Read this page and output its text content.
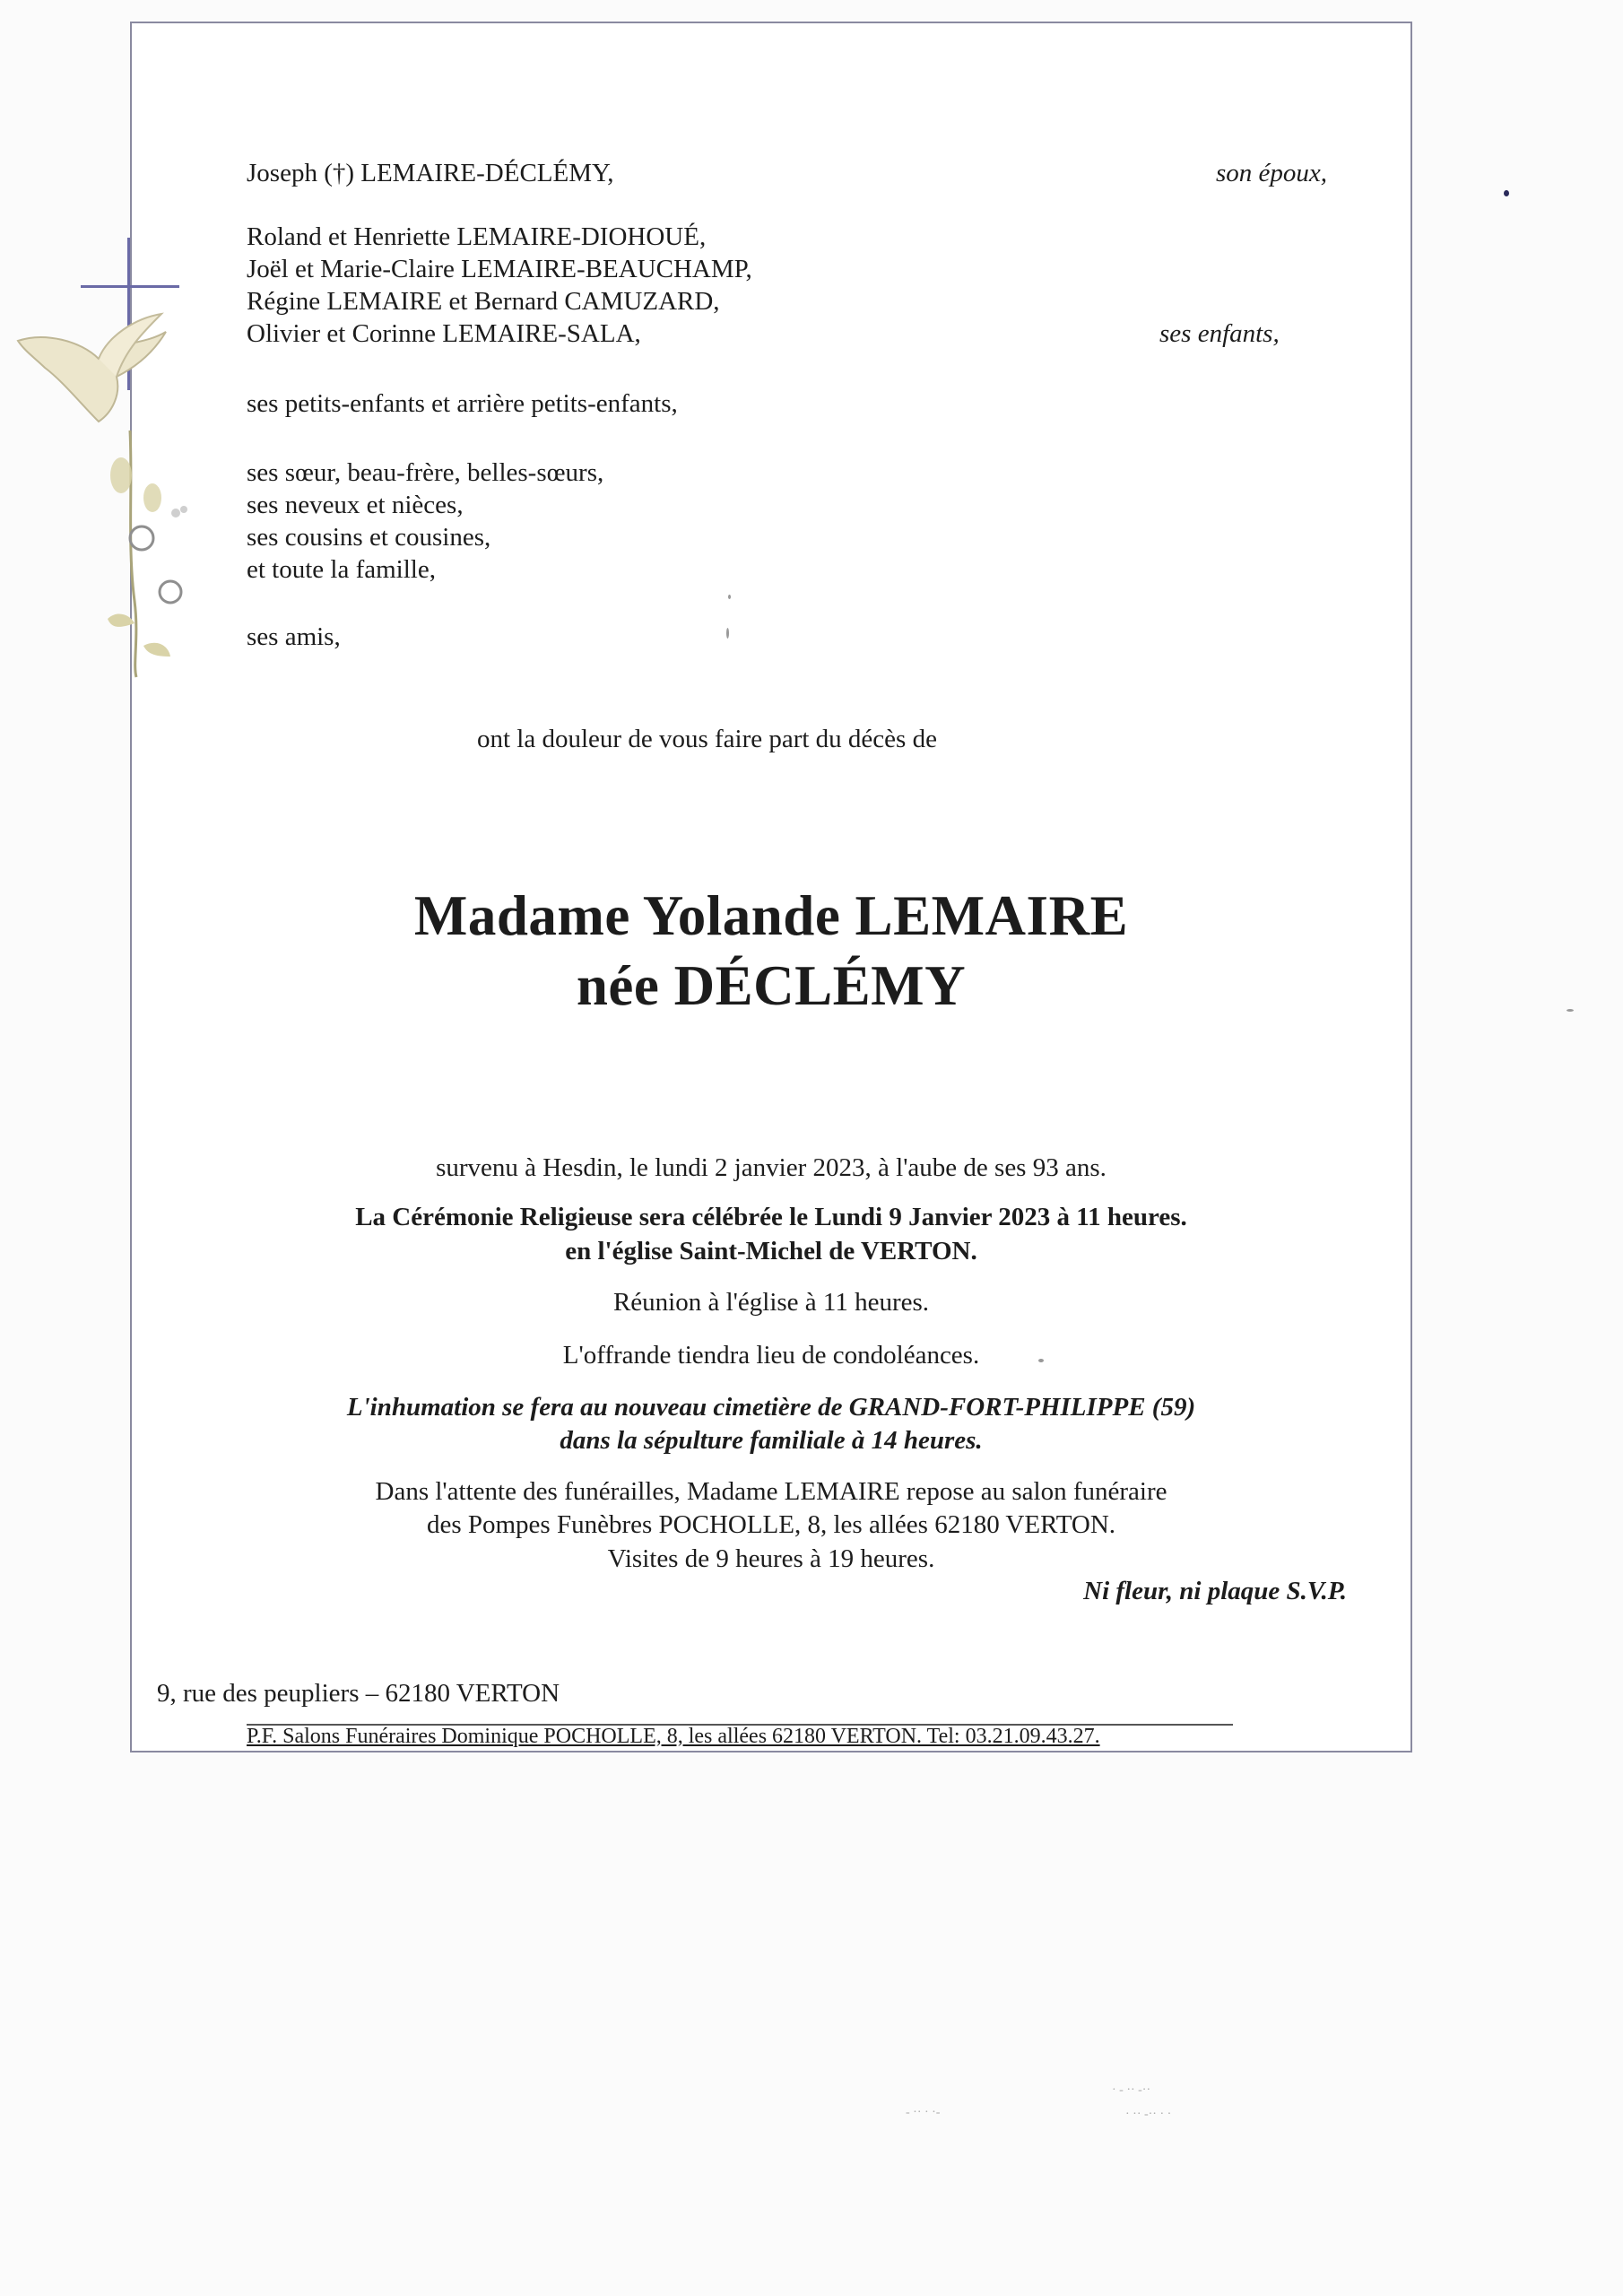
Joseph (†) LEMAIRE-DÉCLÉMY,	son époux,
Roland et Henriette LEMAIRE-DIOHOUÉ,
Joël et Marie-Claire LEMAIRE-BEAUCHAMP,
Régine LEMAIRE et Bernard CAMUZARD,
Olivier et Corinne LEMAIRE-SALA,	ses enfants,
ses petits-enfants et arrière petits-enfants,
ses sœur, beau-frère, belles-sœurs,
ses neveux et nièces,
ses cousins et cousines,
et toute la famille,
ses amis,
ont la douleur de vous faire part du décès de
Madame Yolande LEMAIRE
née DÉCLÉMY
survenu à Hesdin, le lundi 2 janvier 2023, à l'aube de ses 93 ans.
La Cérémonie Religieuse sera célébrée le Lundi 9 Janvier 2023 à 11 heures.
en l'église Saint-Michel de VERTON.
Réunion à l'église à 11 heures.
L'offrande tiendra lieu de condoléances.
L'inhumation se fera au nouveau cimetière de GRAND-FORT-PHILIPPE (59)
dans la sépulture familiale à 14 heures.
Dans l'attente des funérailles, Madame LEMAIRE repose au salon funéraire
des Pompes Funèbres POCHOLLE, 8, les allées 62180 VERTON.
Visites de 9 heures à 19 heures.
Ni fleur, ni plaque S.V.P.
9, rue des peupliers – 62180 VERTON
P.F. Salons Funéraires Dominique POCHOLLE, 8, les allées 62180 VERTON. Tel: 03.21.09.43.27.
· - ·· -··
- ·· · ·-	· ·· -·· · ·
